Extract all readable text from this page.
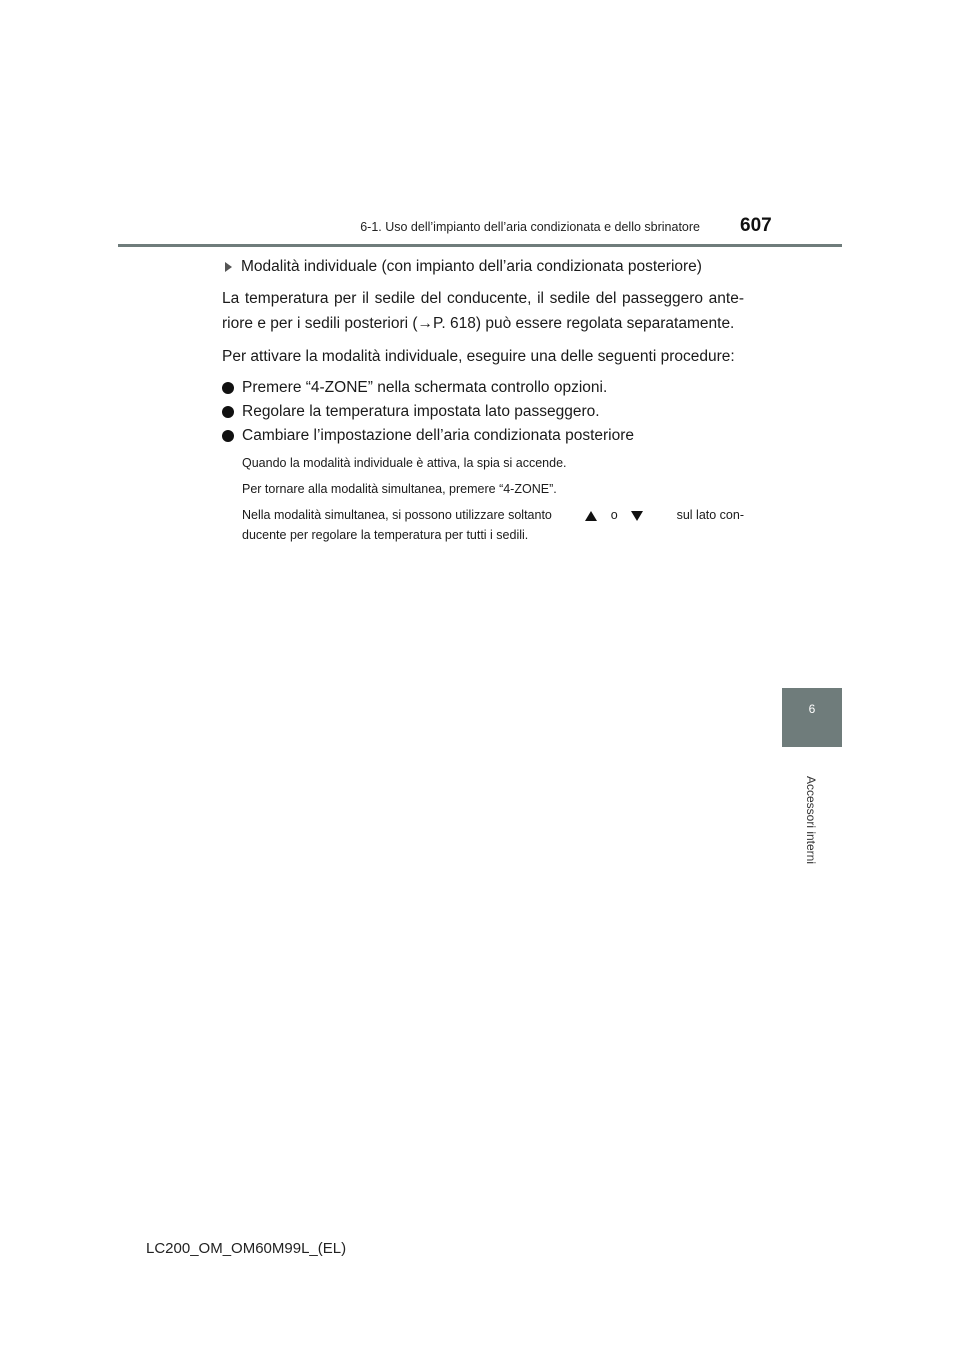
6-1. Uso dell’impianto dell’aria condizionata e dello sbrinatore 607
6
Accessori interni
Modalità individuale (con impianto dell’aria condizionata posteriore)

La temperatura per il sedile del conducente, il sedile del passeggero ante- riore e per i sedili posteriori (→P. 618) può essere regolata separatamente.

Per attivare la modalità individuale, eseguire una delle seguenti procedure:

Premere “4-ZONE” nella schermata controllo opzioni.
Regolare la temperatura impostata lato passeggero.
Cambiare l’impostazione dell’aria condizionata posteriore

Quando la modalità individuale è attiva, la spia si accende.

Per tornare alla modalità simultanea, premere “4-ZONE”.

Nella modalità simultanea, si possono utilizzare soltanto	o	sul lato con-
ducente per regolare la temperatura per tutti i sedili.
LC200_OM_OM60M99L_(EL)
